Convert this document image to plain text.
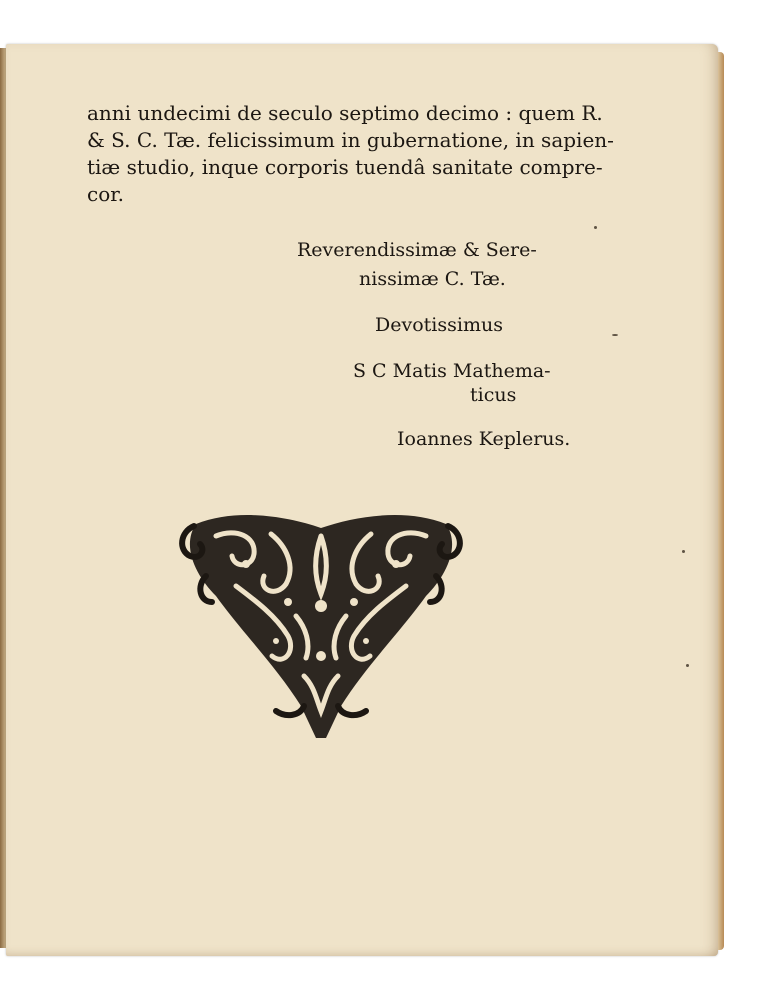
anni undecimi de seculo septimo decimo : quem R.
& S. C. Tæ. felicissimum in gubernatione, in sapien-
tiæ studio, inque corporis tuendâ sanitate compre-
cor.
Reverendissimæ & Sere-
nissimæ C. Tæ.
Devotissimus
S C Matis Mathema-
ticus
Ioannes Keplerus.
